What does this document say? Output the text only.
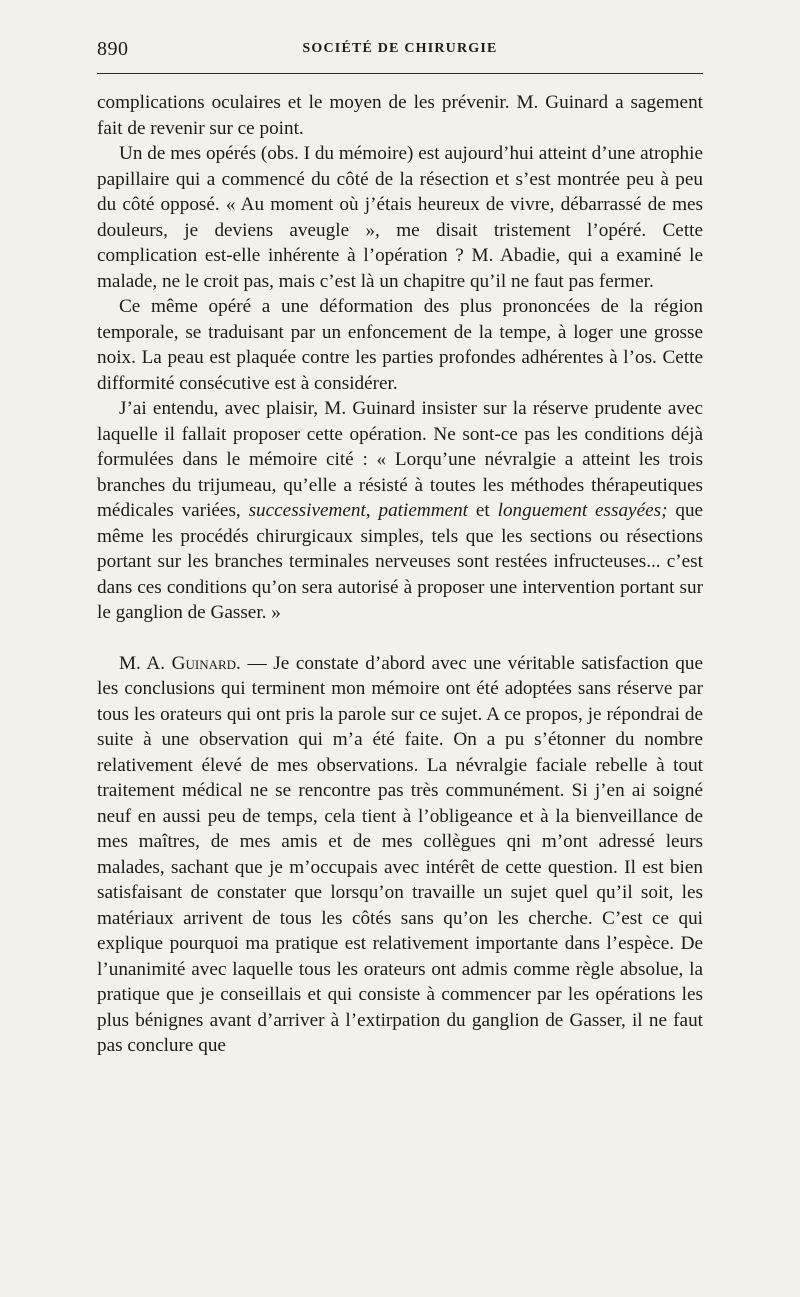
890	SOCIÉTÉ DE CHIRURGIE

complications oculaires et le moyen de les prévenir. M. Guinard a sagement fait de revenir sur ce point.

Un de mes opérés (obs. I du mémoire) est aujourd’hui atteint d’une atrophie papillaire qui a commencé du côté de la résection et s’est montrée peu à peu du côté opposé. « Au moment où j’étais heureux de vivre, débarrassé de mes douleurs, je deviens aveugle », me disait tristement l’opéré. Cette complication est-elle inhérente à l’opération ? M. Abadie, qui a examiné le malade, ne le croit pas, mais c’est là un chapitre qu’il ne faut pas fermer.

Ce même opéré a une déformation des plus prononcées de la région temporale, se traduisant par un enfoncement de la tempe, à loger une grosse noix. La peau est plaquée contre les parties profondes adhérentes à l’os. Cette difformité consécutive est à considérer.

J’ai entendu, avec plaisir, M. Guinard insister sur la réserve prudente avec laquelle il fallait proposer cette opération. Ne sont-ce pas les conditions déjà formulées dans le mémoire cité : « Lorqu’une névralgie a atteint les trois branches du trijumeau, qu’elle a résisté à toutes les méthodes thérapeutiques médicales variées, successivement, patiemment et longuement essayées; que même les procédés chirurgicaux simples, tels que les sections ou résections portant sur les branches terminales nerveuses sont restées infructeuses... c’est dans ces conditions qu’on sera autorisé à proposer une intervention portant sur le ganglion de Gasser. »

M. A. Guinard. — Je constate d’abord avec une véritable satisfaction que les conclusions qui terminent mon mémoire ont été adoptées sans réserve par tous les orateurs qui ont pris la parole sur ce sujet. A ce propos, je répondrai de suite à une observation qui m’a été faite. On a pu s’étonner du nombre relativement élevé de mes observations. La névralgie faciale rebelle à tout traitement médical ne se rencontre pas très communément. Si j’en ai soigné neuf en aussi peu de temps, cela tient à l’obligeance et à la bienveillance de mes maîtres, de mes amis et de mes collègues qni m’ont adressé leurs malades, sachant que je m’occupais avec intérêt de cette question. Il est bien satisfaisant de constater que lorsqu’on travaille un sujet quel qu’il soit, les matériaux arrivent de tous les côtés sans qu’on les cherche. C’est ce qui explique pourquoi ma pratique est relativement importante dans l’espèce. De l’unanimité avec laquelle tous les orateurs ont admis comme règle absolue, la pratique que je conseillais et qui consiste à commencer par les opérations les plus bénignes avant d’arriver à l’extirpation du ganglion de Gasser, il ne faut pas conclure que
